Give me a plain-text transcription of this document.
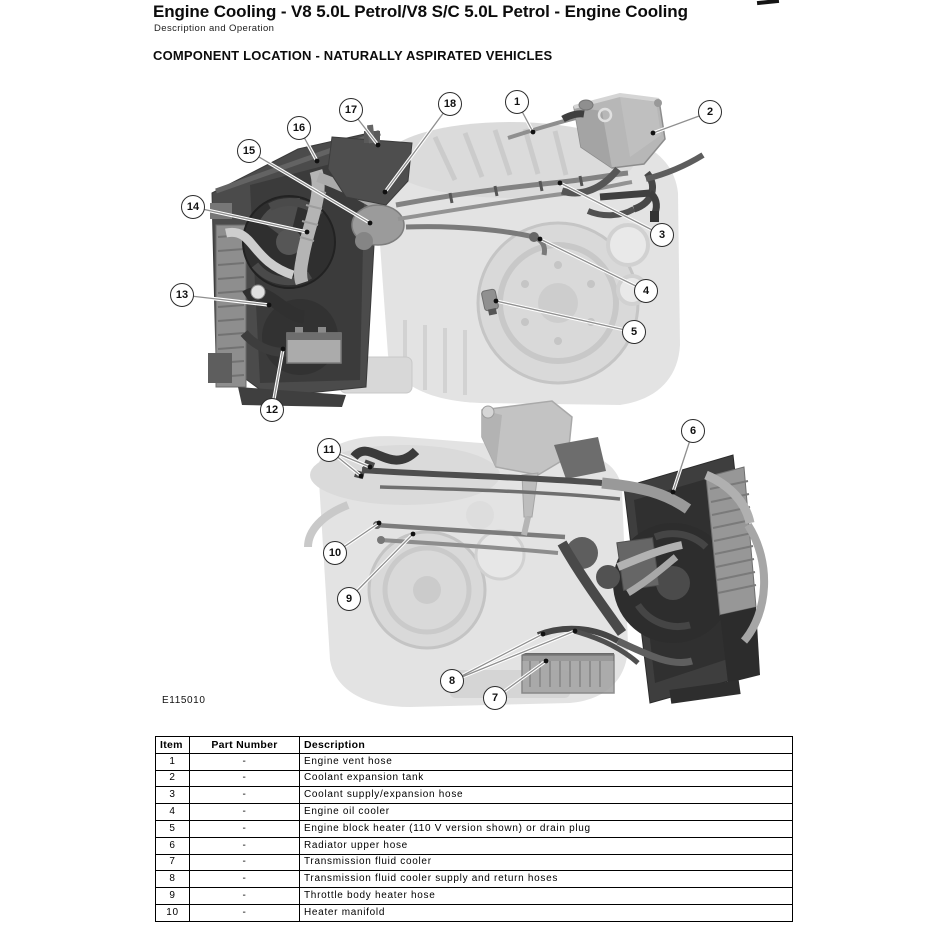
Engine Cooling - V8 5.0L Petrol/V8 S/C 5.0L Petrol - Engine Cooling
Description and Operation
COMPONENT LOCATION - NATURALLY ASPIRATED VEHICLES
1
2
3
4
5
6
7
8
9
10
11
12
13
14
15
16
17	18
E115010
Item	Part Number	Description
1	-	Engine vent hose
2	-	Coolant expansion tank
3	-	Coolant supply/expansion hose
4	-	Engine oil cooler
5	-	Engine block heater (110 V version shown) or drain plug
6	-	Radiator upper hose
7	-	Transmission fluid cooler
8	-	Transmission fluid cooler supply and return hoses
9	-	Throttle body heater hose
10	-	Heater manifold
